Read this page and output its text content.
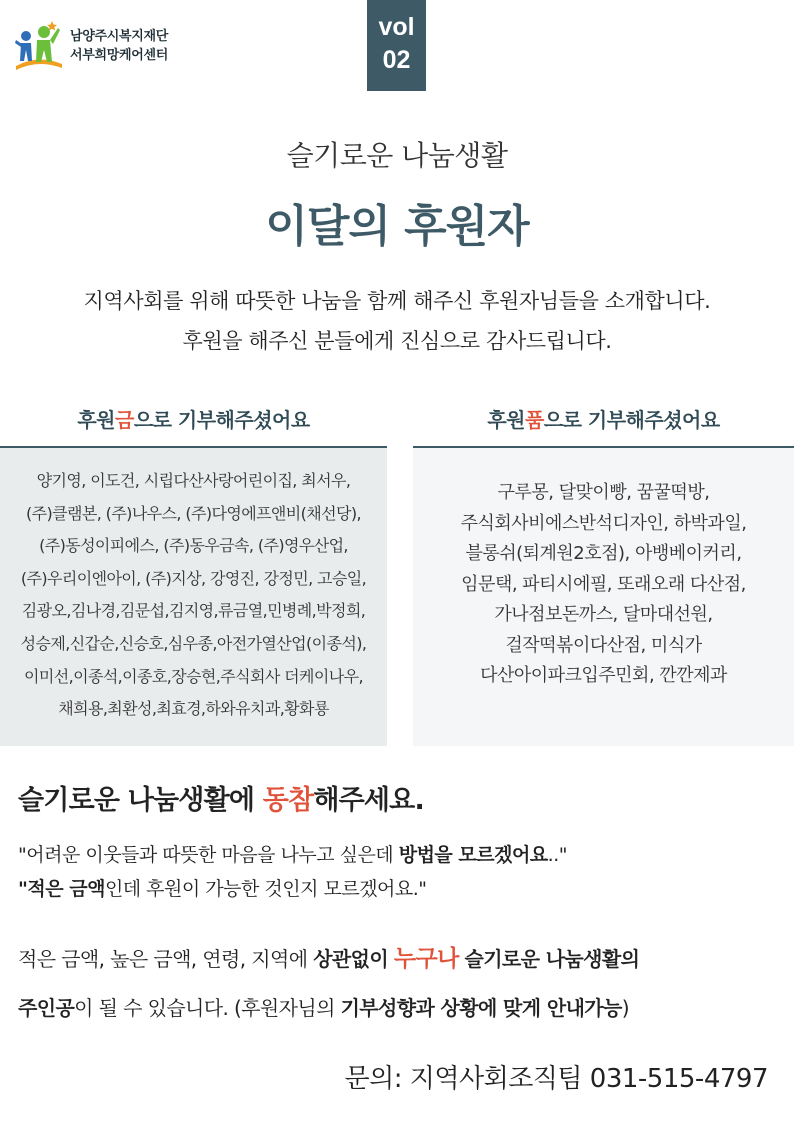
남양주시복지재단
서부희망케어센터
vol
02
슬기로운 나눔생활
이달의 후원자
지역사회를 위해 따뜻한 나눔을 함께 해주신 후원자님들을 소개합니다.
후원을 해주신 분들에게 진심으로 감사드립니다.
후원금으로 기부해주셨어요
양기영, 이도건, 시립다산사랑어린이집, 최서우,
(주)클램본, (주)나우스, (주)다영에프앤비(채선당),
(주)동성이피에스, (주)동우금속, (주)영우산업,
(주)우리이엔아이, (주)지상, 강영진, 강정민, 고승일,
김광오,김나경,김문섭,김지영,류금열,민병례,박정희,
성승제,신갑순,신승호,심우종,아전가열산업(이종석),
이미선,이종석,이종호,장승현,주식회사 더케이나우,
채희용,최환성,최효경,하와유치과,황화룡
후원품으로 기부해주셨어요
구루몽, 달맞이빵, 꿈꿀떡방,
주식회사비에스반석디자인, 하박과일,
블롱쉬(퇴계원2호점), 아뱅베이커리,
임문택, 파티시에필, 또래오래 다산점,
가나점보돈까스, 달마대선원,
걸작떡볶이다산점, 미식가
다산아이파크입주민회, 깐깐제과
슬기로운 나눔생활에 동참해주세요.
"어려운 이웃들과 따뜻한 마음을 나누고 싶은데 방법을 모르겠어요.."
"적은 금액인데 후원이 가능한 것인지 모르겠어요."
적은 금액, 높은 금액, 연령, 지역에 상관없이 누구나 슬기로운 나눔생활의
주인공이 될 수 있습니다. (후원자님의 기부성향과 상황에 맞게 안내가능)
문의: 지역사회조직팀 031-515-4797
